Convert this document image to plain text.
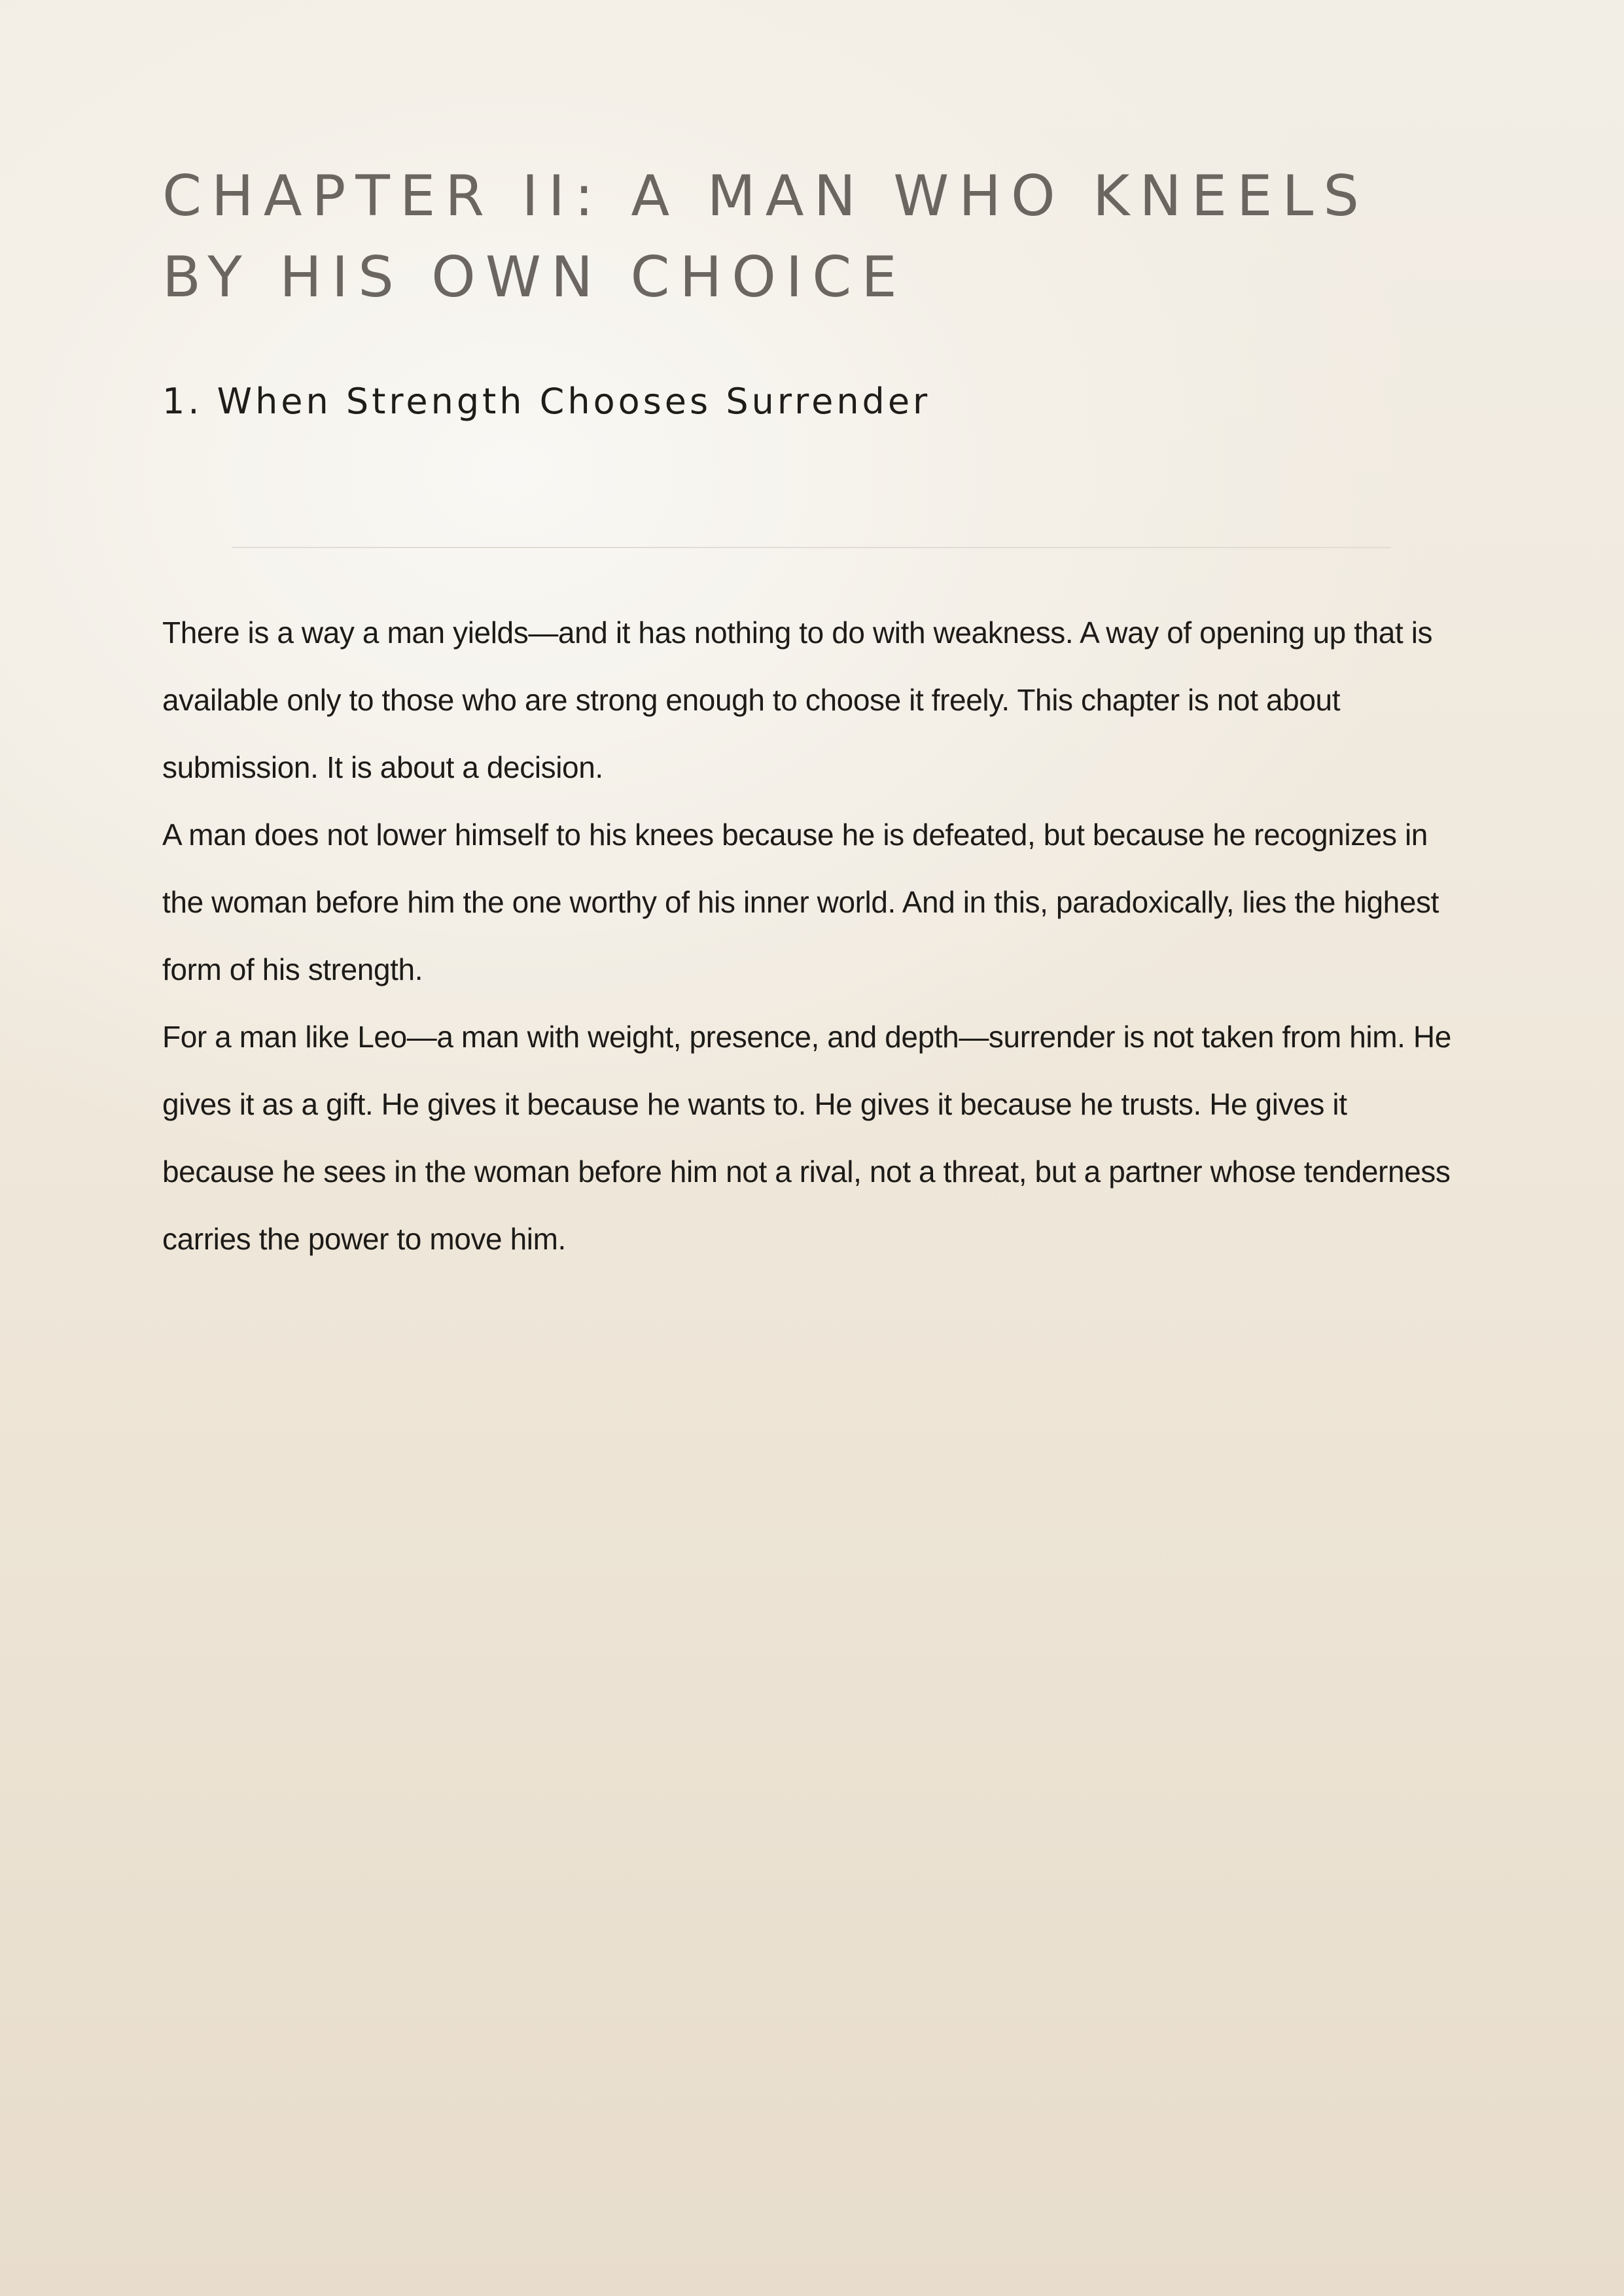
CHAPTER II: A MAN WHO KNEELS BY HIS OWN CHOICE
1. When Strength Chooses Surrender

There is a way a man yields—and it has nothing to do with weakness. A way of opening up that is available only to those who are strong enough to choose it freely. This chapter is not about submission. It is about a decision.

A man does not lower himself to his knees because he is defeated, but because he recognizes in the woman before him the one worthy of his inner world. And in this, paradoxically, lies the highest form of his strength.

For a man like Leo—a man with weight, presence, and depth—surrender is not taken from him. He gives it as a gift. He gives it because he wants to. He gives it because he trusts. He gives it because he sees in the woman before him not a rival, not a threat, but a partner whose tenderness carries the power to move him.
